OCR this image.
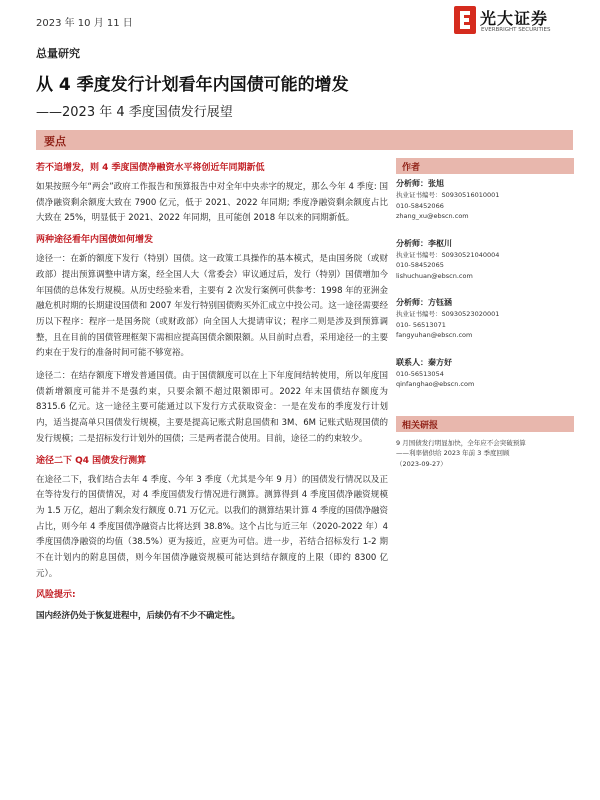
2023 年 10 月 11 日	光大证券
EVERBRIGHT SECURITIES
总量研究
从 4 季度发行计划看年内国债可能的增发
——2023 年 4 季度国债发行展望
要点
若不追增发，则 4 季度国债净融资水平将创近年同期新低
如果按照今年“两会”政府工作报告和预算报告中对全年中央赤字的规定，那么今年 4 季度: 国债净融资剩余额度大致在 7900 亿元，低于 2021、2022 年同期; 季度净融资剩余额度占比大致在 25%，明显低于 2021、2022 年同期，且可能创 2018 年以来的同期新低。
两种途径看年内国债如何增发
途径一：在新的额度下发行（特别）国债。这一政策工具操作的基本模式，是由国务院（或财政部）提出预算调整申请方案，经全国人大（常委会）审议通过后，发行（特别）国债增加今年国债的总体发行规模。从历史经验来看，主要有 2 次发行案例可供参考：1998 年的亚洲金融危机时期的长期建设国债和 2007 年发行特别国债购买外汇成立中投公司。这一途径需要经历以下程序：程序一是国务院（或财政部）向全国人大提请审议；程序二则是涉及到预算调整，且在目前的国债管理框架下需相应提高国债余额限额。从目前时点看，采用途径一的主要约束在于发行的准备时间可能不够宽裕。
途径二：在结存额度下增发普通国债。由于国债额度可以在上下年度间结转使用，所以年度国债新增额度可能并不是强约束，只要余额不超过限额即可。2022 年末国债结存额度为 8315.6 亿元。这一途径主要可能通过以下发行方式获取资金：一是在发布的季度发行计划内，适当提高单只国债发行规模，主要是提高记账式附息国债和 3M、6M 记账式贴现国债的发行规模；二是招标发行计划外的国债；三是两者混合使用。目前，途径二的约束较少。
途径二下 Q4 国债发行测算
在途径二下，我们结合去年 4 季度、今年 3 季度（尤其是今年 9 月）的国债发行情况以及正在等待发行的国债情况，对 4 季度国债发行情况进行测算。测算得到 4 季度国债净融资规模为 1.5 万亿，超出了剩余发行额度 0.71 万亿元。以我们的测算结果计算 4 季度的国债净融资占比，则今年 4 季度国债净融资占比将达到 38.8%。这个占比与近三年（2020-2022 年）4 季度国债净融资的均值（38.5%）更为接近，应更为可信。进一步，若结合招标发行 1-2 期不在计划内的附息国债，则今年国债净融资规模可能达到结存额度的上限（即约 8300 亿元）。
风险提示:
国内经济仍处于恢复进程中，后续仍有不少不确定性。
作者
分析师：张旭
执业证书编号：S0930516010001
010-58452066
zhang_xu@ebscn.com
分析师：李枢川
执业证书编号：S0930521040004
010-58452065
lishuchuan@ebscn.com
分析师：方钰涵
执业证书编号：S0930523020001
010- 56513071
fangyuhan@ebscn.com
联系人：秦方好
010-56513054
qinfanghao@ebscn.com
相关研报
9 月国债发行明显加快，全年应不会突破预算
——利率债供给 2023 年前 3 季度回顾
（2023-09-27）
